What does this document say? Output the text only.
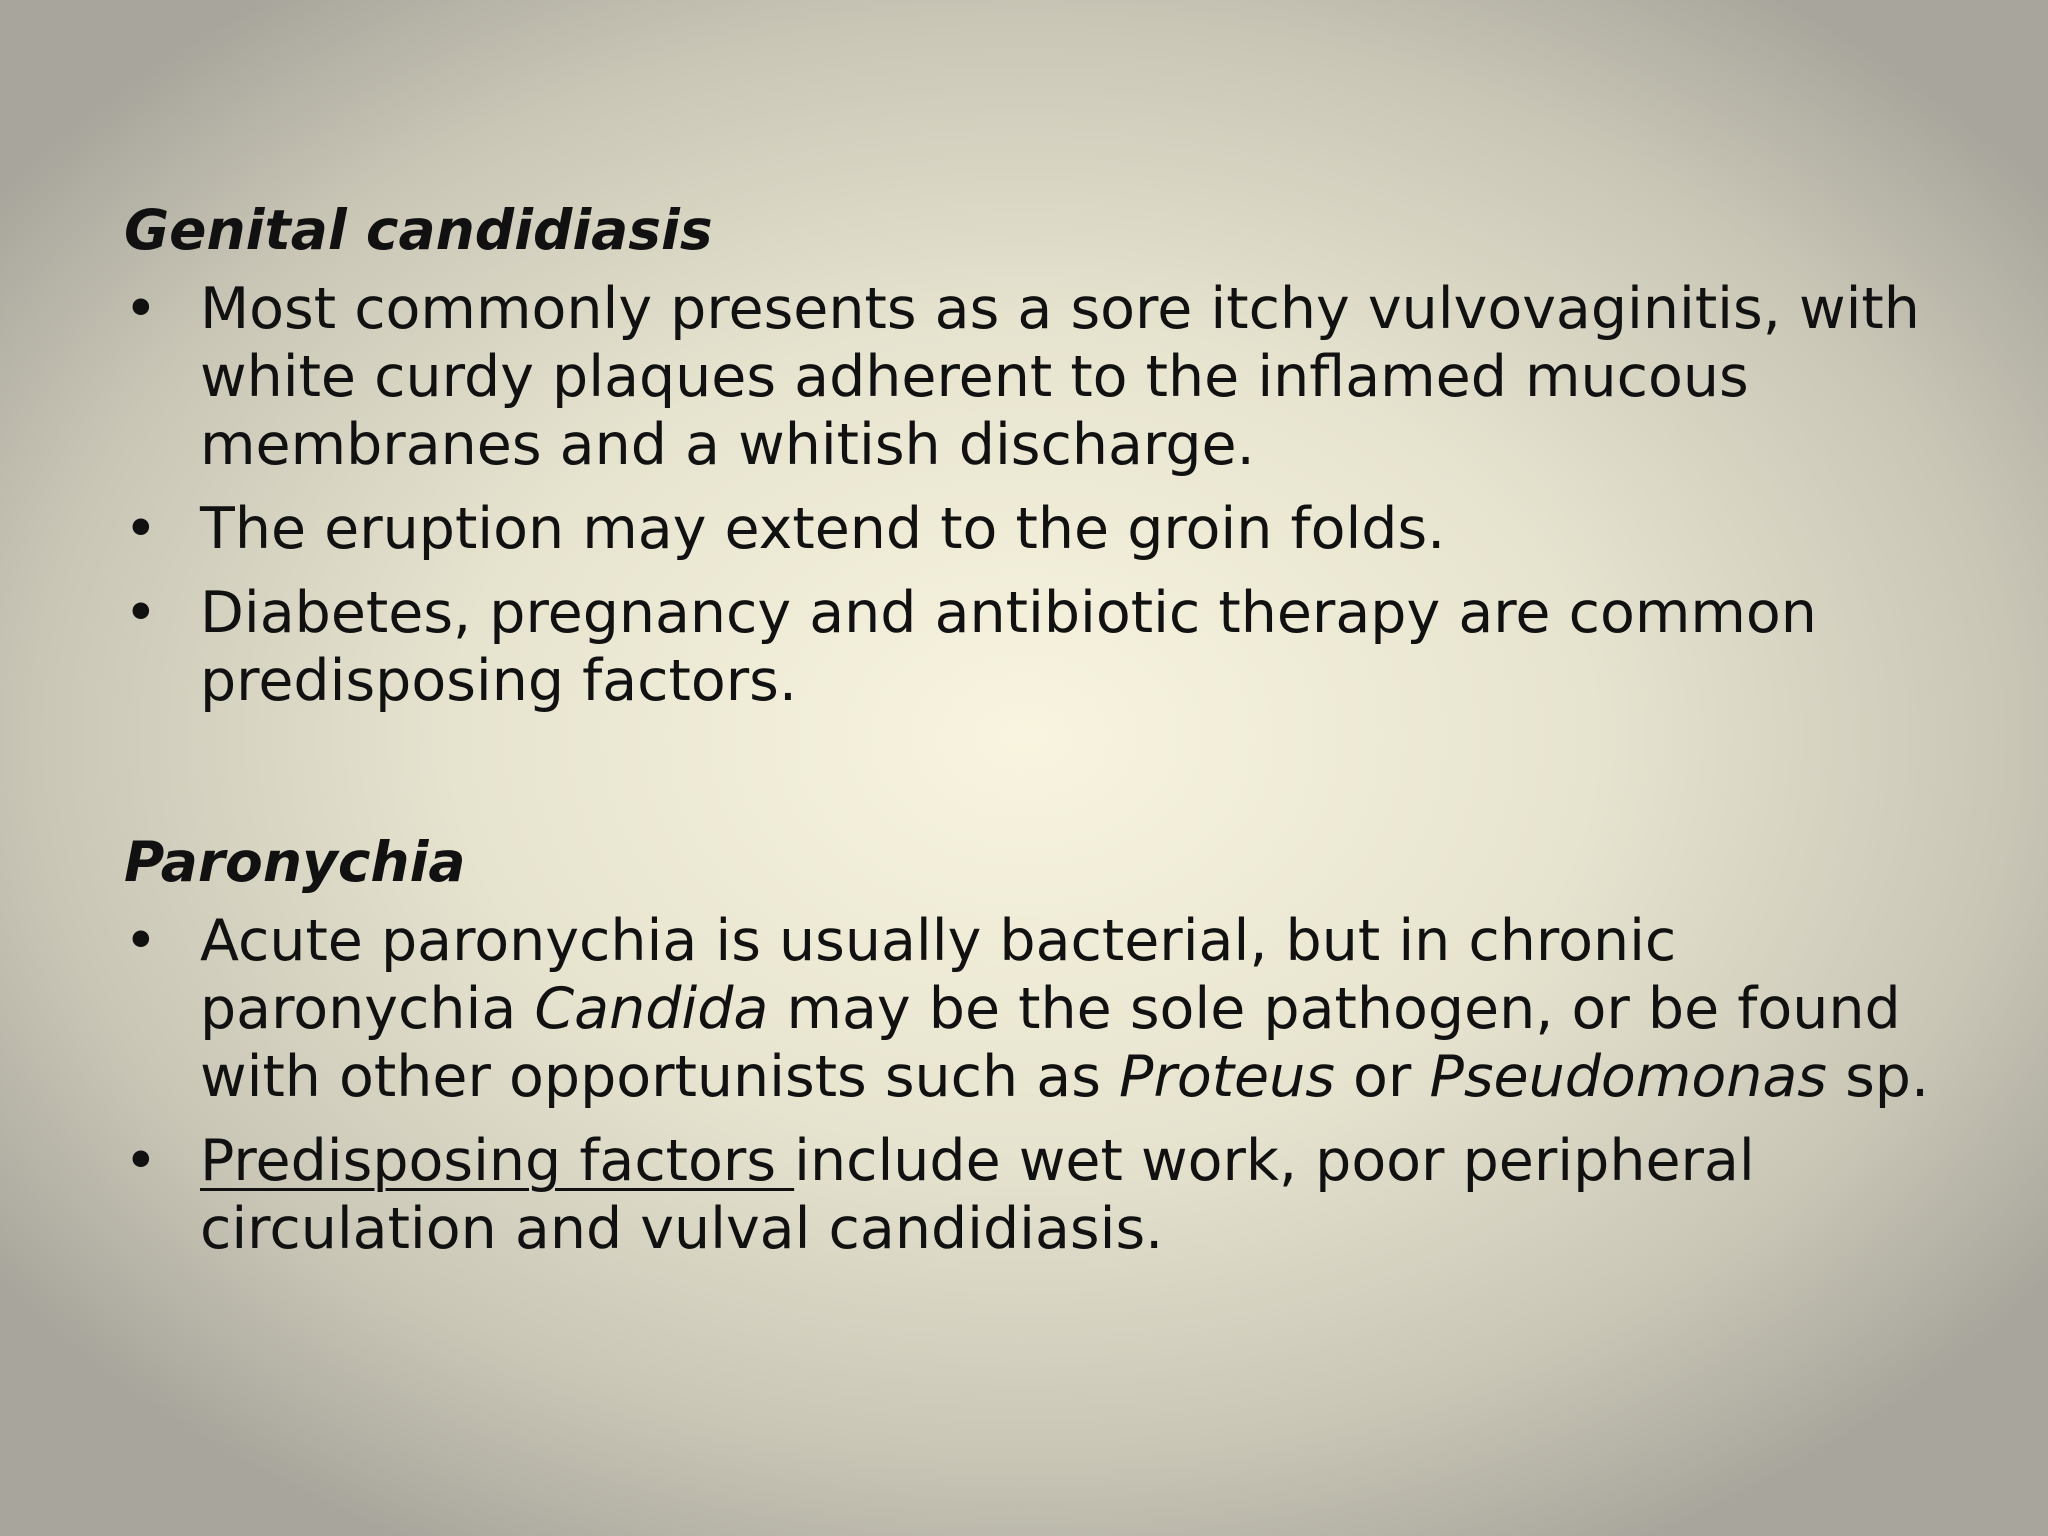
Genital candidiasis
• Most commonly presents as a sore itchy vulvovaginitis, with white curdy plaques adherent to the inflamed mucous membranes and a whitish discharge.
• The eruption may extend to the groin folds.
• Diabetes, pregnancy and antibiotic therapy are common predisposing factors.
Paronychia
• Acute paronychia is usually bacterial, but in chronic paronychia Candida may be the sole pathogen, or be found with other opportunists such as Proteus or Pseudomonas sp.
• Predisposing factors include wet work, poor peripheral circulation and vulval candidiasis.
